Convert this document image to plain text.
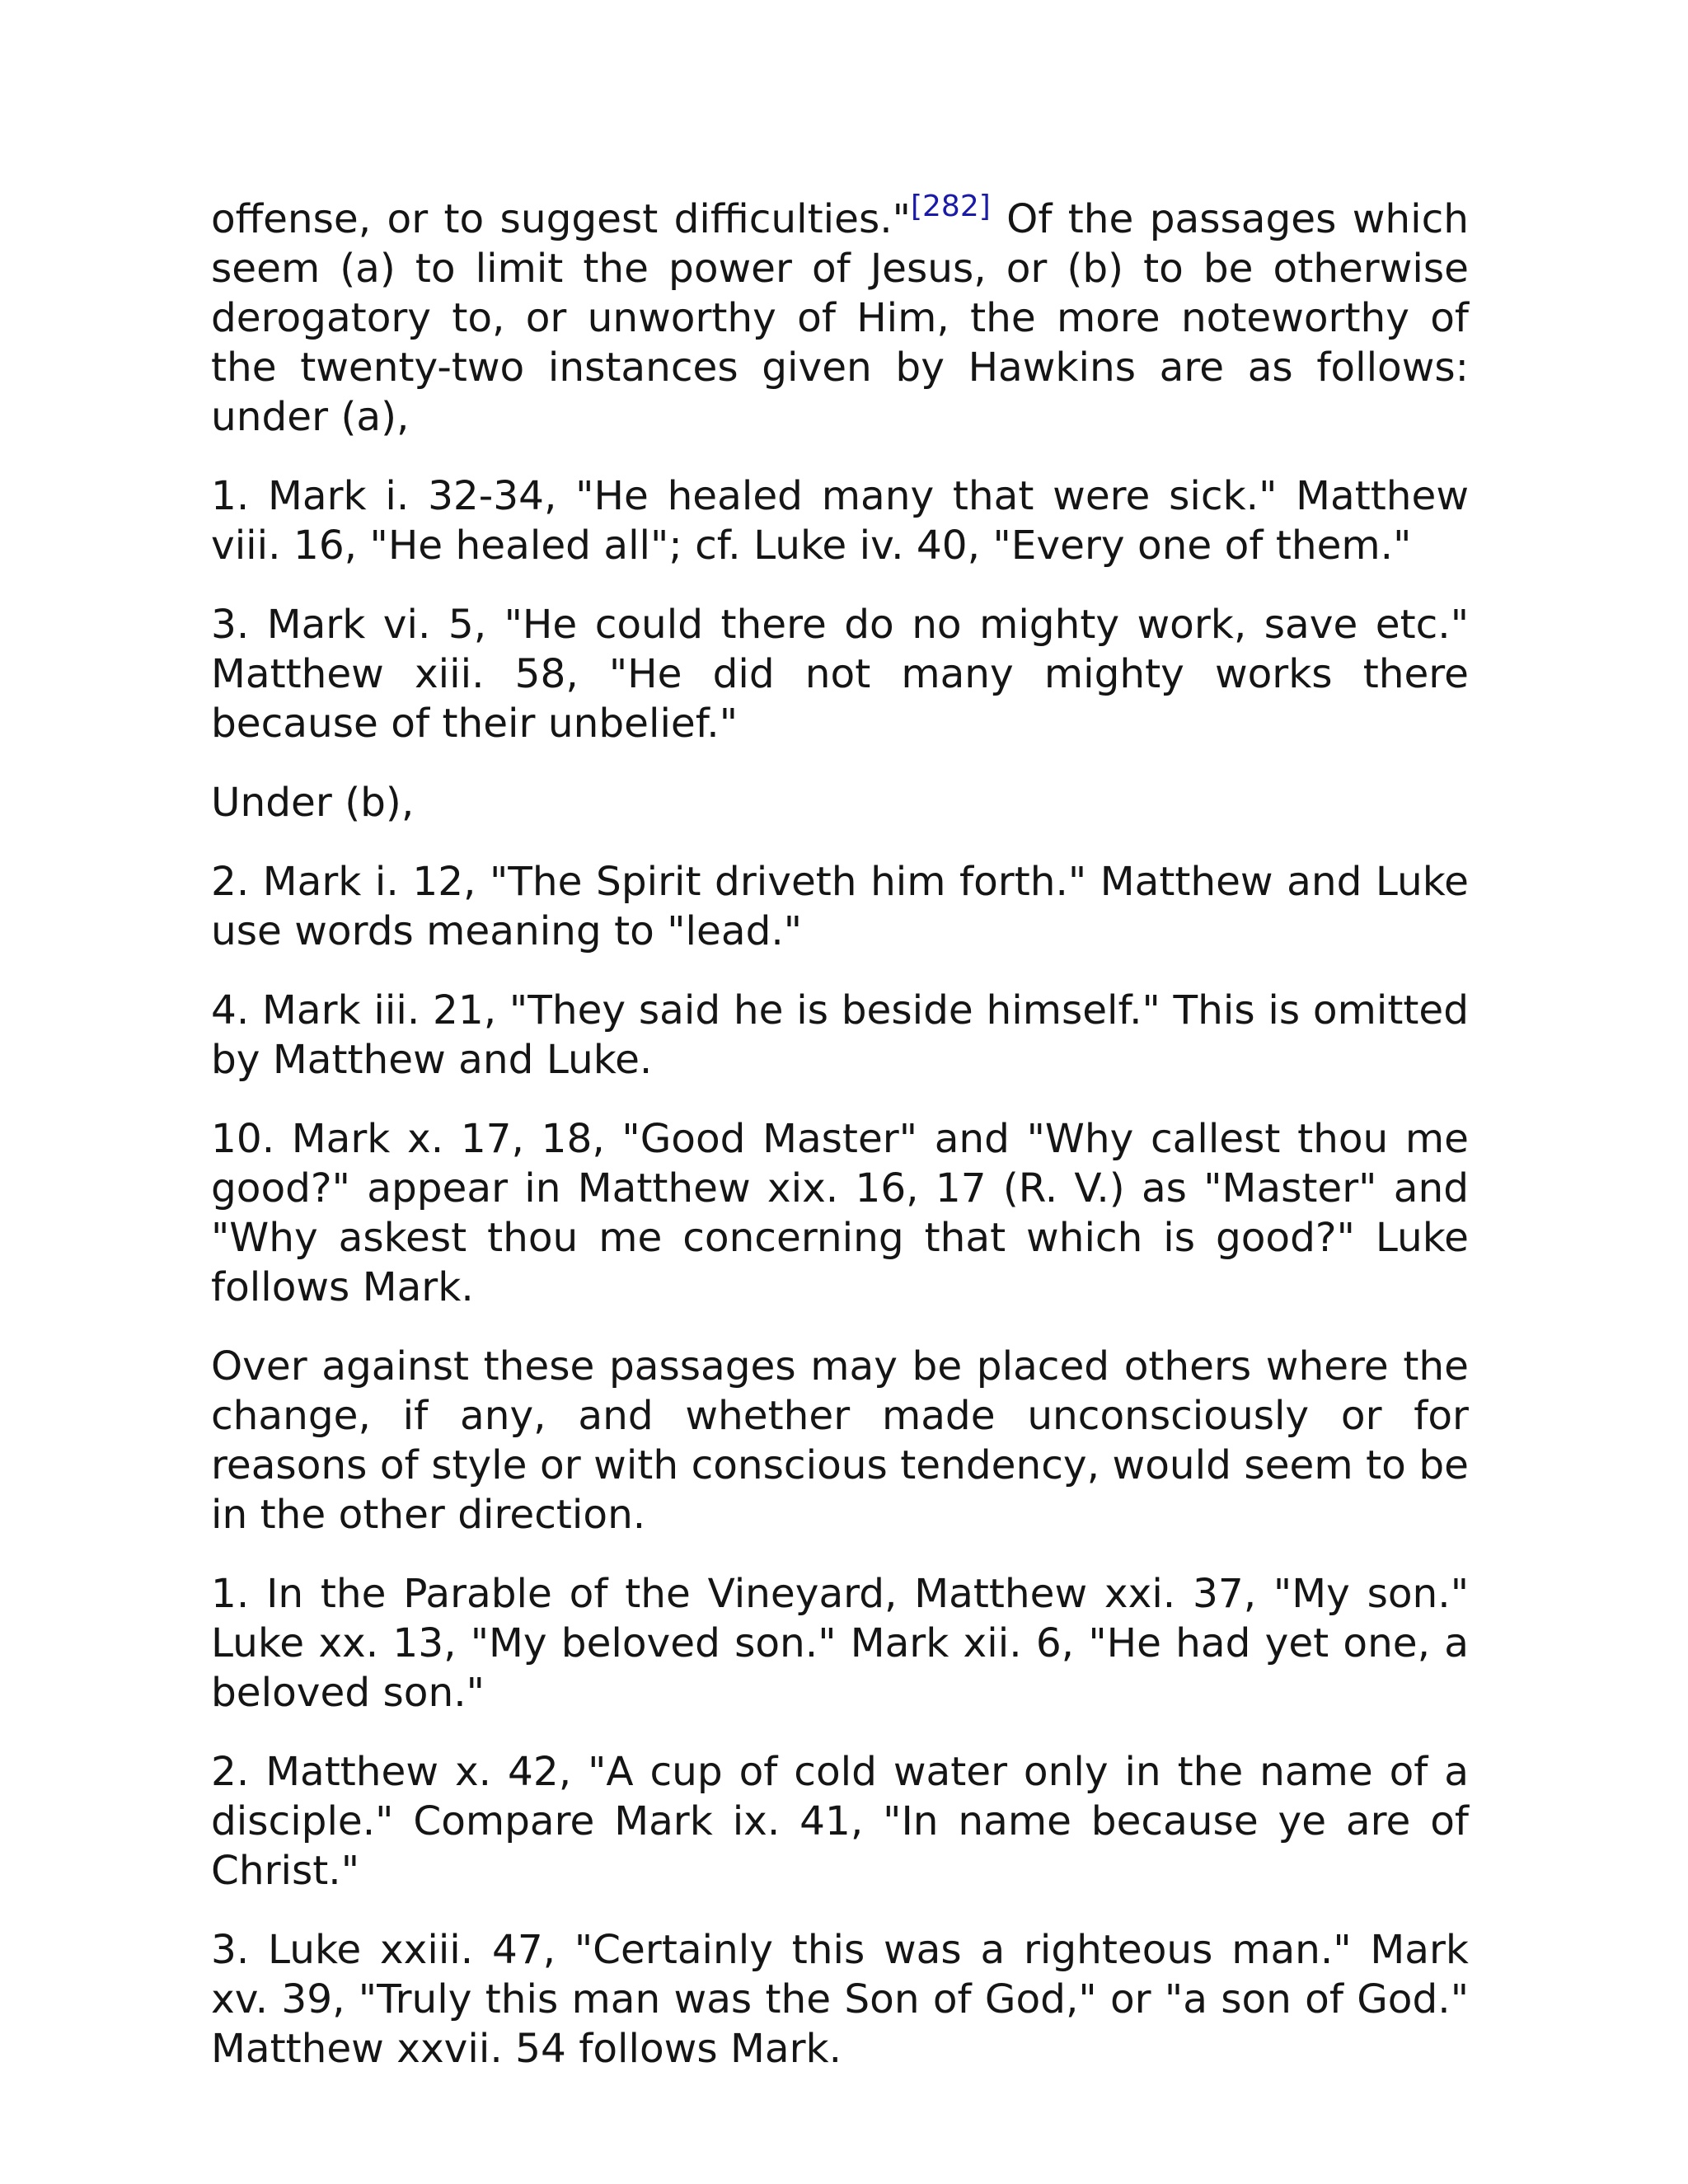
offense, or to suggest difficulties."[282] Of the passages which seem (a) to limit the power of Jesus, or (b) to be otherwise derogatory to, or unworthy of Him, the more noteworthy of the twenty-two instances given by Hawkins are as follows: under (a),

1. Mark i. 32-34, "He healed many that were sick." Matthew viii. 16, "He healed all"; cf. Luke iv. 40, "Every one of them."

3. Mark vi. 5, "He could there do no mighty work, save etc." Matthew xiii. 58, "He did not many mighty works there because of their unbelief."

Under (b),

2. Mark i. 12, "The Spirit driveth him forth." Matthew and Luke use words meaning to "lead."

4. Mark iii. 21, "They said he is beside himself." This is omitted by Matthew and Luke.

10. Mark x. 17, 18, "Good Master" and "Why callest thou me good?" appear in Matthew xix. 16, 17 (R. V.) as "Master" and "Why askest thou me concerning that which is good?" Luke follows Mark.

Over against these passages may be placed others where the change, if any, and whether made unconsciously or for reasons of style or with conscious tendency, would seem to be in the other direction.

1. In the Parable of the Vineyard, Matthew xxi. 37, "My son." Luke xx. 13, "My beloved son." Mark xii. 6, "He had yet one, a beloved son."

2. Matthew x. 42, "A cup of cold water only in the name of a disciple." Compare Mark ix. 41, "In name because ye are of Christ."

3. Luke xxiii. 47, "Certainly this was a righteous man." Mark xv. 39, "Truly this man was the Son of God," or "a son of God." Matthew xxvii. 54 follows Mark.
